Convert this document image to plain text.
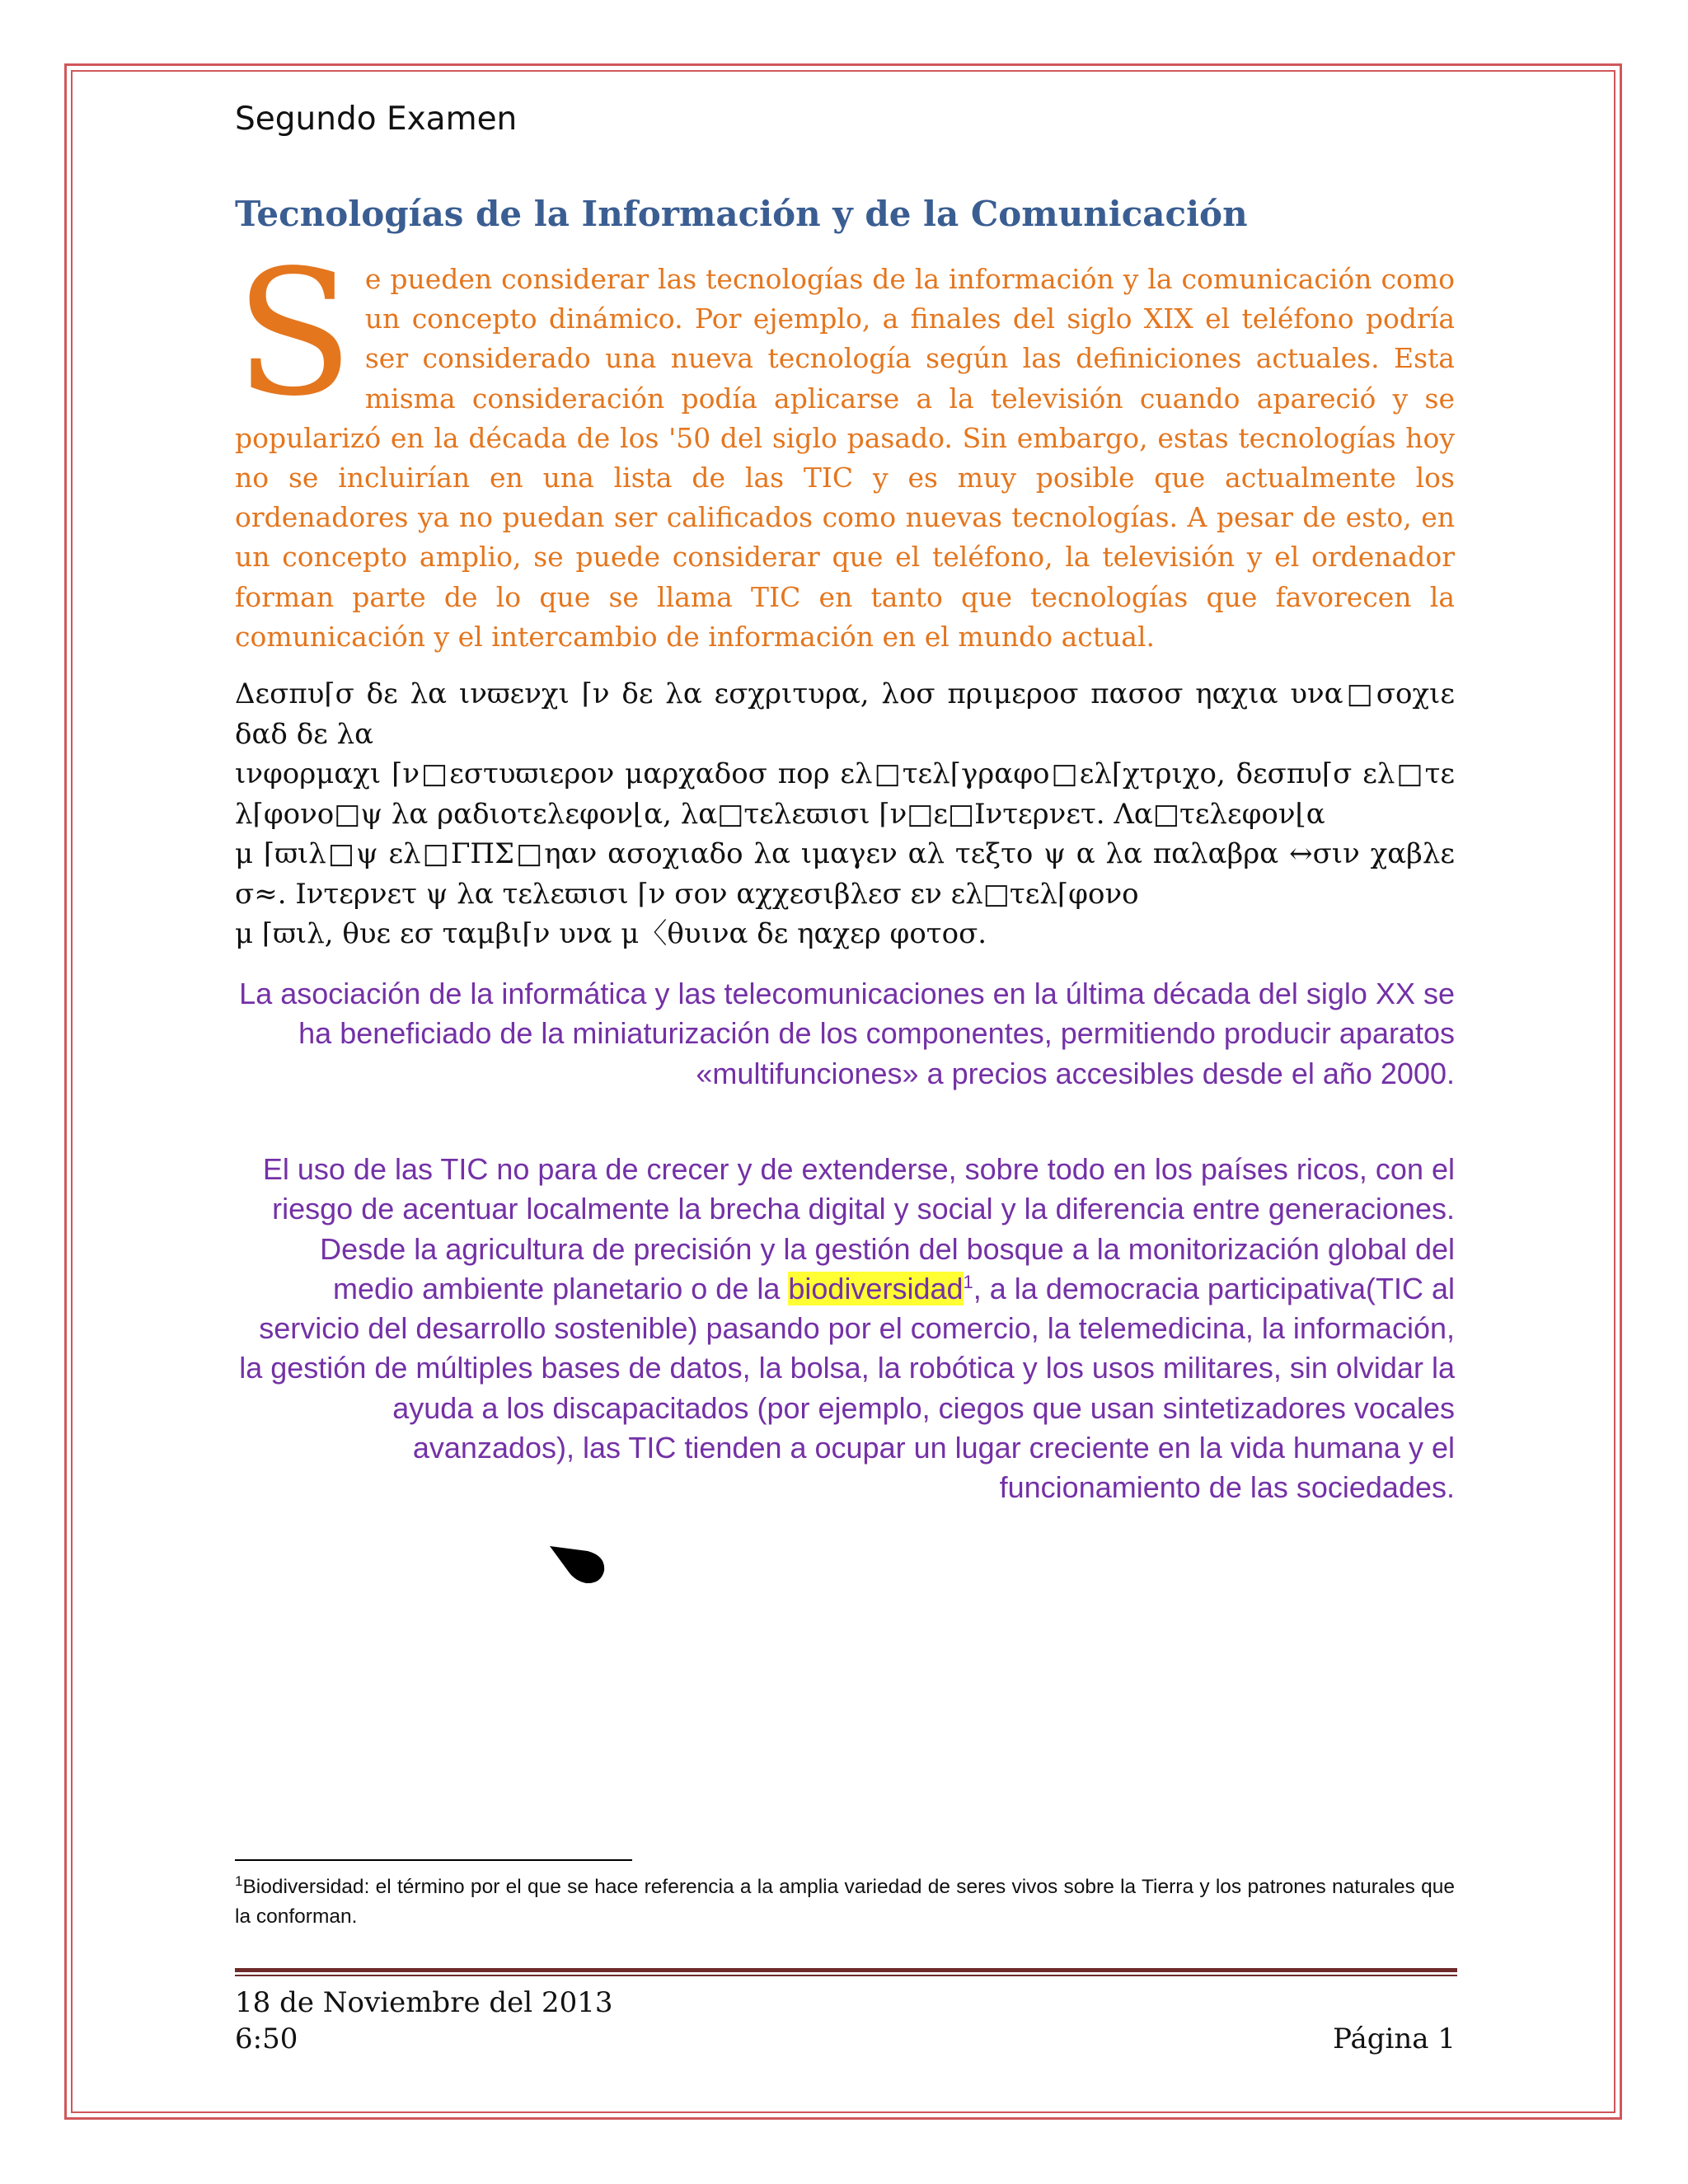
Segundo Examen
Tecnologías de la Información y de la Comunicación
Se pueden considerar las tecnologías de la información y la comunicación como un concepto dinámico. Por ejemplo, a finales del siglo XIX el teléfono podría ser considerado una nueva tecnología según las definiciones actuales. Esta misma consideración podía aplicarse a la televisión cuando apareció y se popularizó en la década de los '50 del siglo pasado. Sin embargo, estas tecnologías hoy no se incluirían en una lista de las TIC y es muy posible que actualmente los ordenadores ya no puedan ser calificados como nuevas tecnologías. A pesar de esto, en un concepto amplio, se puede considerar que el teléfono, la televisión y el ordenador forman parte de lo que se llama TIC en tanto que tecnologías que favorecen la comunicación y el intercambio de información en el mundo actual.
Δεσπυ⌈σ δε λα ινϖενχι ⌈ν δε λα εσχριτυρα, λοσ πριμεροσ πασοσ ηαχια υνα□σοχιε
δαδ δε λα
ινφορμαχι ⌈ν□εστυϖιερον μαρχαδοσ πορ ελ□τελ⌈γραφο□ελ⌈χτριχο, δεσπυ⌈σ ελ□τε
λ⌈φονο□ψ λα ραδιοτελεφον⌊α, λα□τελεϖισι ⌈ν□ε□Ιντερνετ. Λα□τελεφον⌊α
μ ⌈ϖιλ□ψ ελ□ΓΠΣ□ηαν ασοχιαδο λα ιμαγεν αλ τεξτο ψ α λα παλαβρα ↔σιν χαβλε
σ≈. Ιντερνετ ψ λα τελεϖισι ⌈ν σον αχχεσιβλεσ εν ελ□τελ⌈φονο
μ ⌈ϖιλ, θυε εσ ταμβι⌈ν υνα μ〈θυινα δε ηαχερ φοτοσ.
La asociación de la informática y las telecomunicaciones en la última década del siglo XX se ha beneficiado de la miniaturización de los componentes, permitiendo producir aparatos «multifunciones» a precios accesibles desde el año 2000.
El uso de las TIC no para de crecer y de extenderse, sobre todo en los países ricos, con el riesgo de acentuar localmente la brecha digital y social y la diferencia entre generaciones. Desde la agricultura de precisión y la gestión del bosque a la monitorización global del medio ambiente planetario o de la biodiversidad$^1$, a la democracia participativa(TIC al servicio del desarrollo sostenible) pasando por el comercio, la telemedicina, la información, la gestión de múltiples bases de datos, la bolsa, la robótica y los usos militares, sin olvidar la ayuda a los discapacitados (por ejemplo, ciegos que usan sintetizadores vocales avanzados), las TIC tienden a ocupar un lugar creciente en la vida humana y el funcionamiento de las sociedades.
$^1$Biodiversidad: el término por el que se hace referencia a la amplia variedad de seres vivos sobre la Tierra y los patrones naturales que la conforman.
18 de Noviembre del 2013
6:50	Página 1
